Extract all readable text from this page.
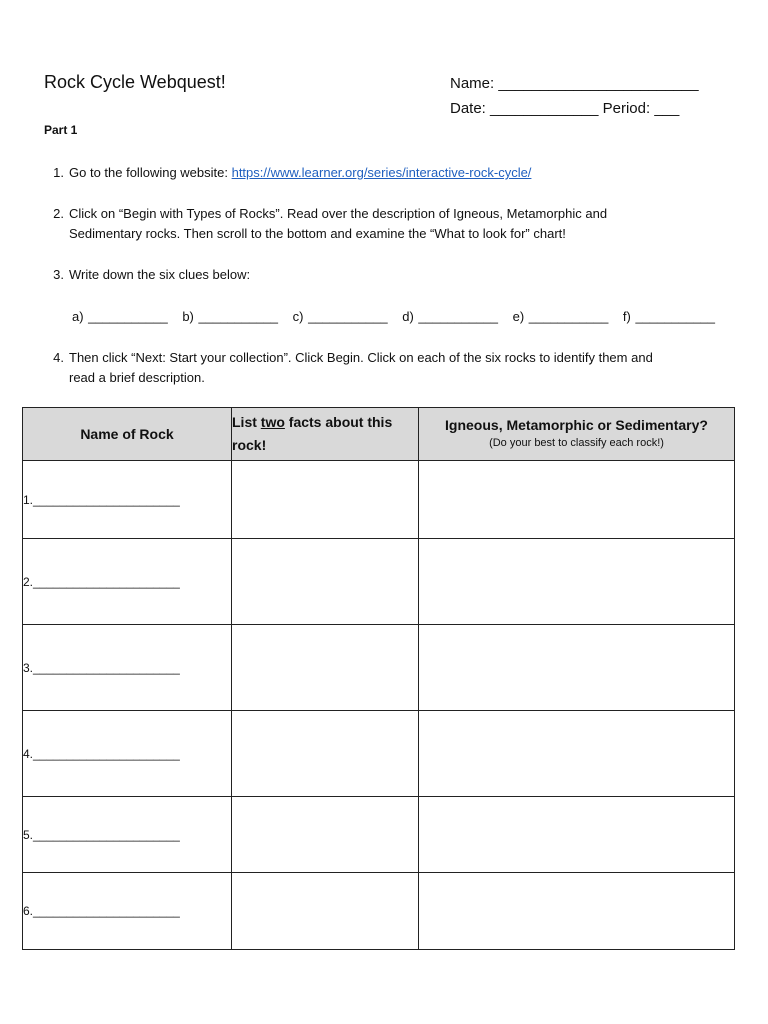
Rock Cycle Webquest!	Name: ________________________
Date: _____________ Period: ___
Part 1
1. Go to the following website: https://www.learner.org/series/interactive-rock-cycle/
2. Click on “Begin with Types of Rocks”. Read over the description of Igneous, Metamorphic and
Sedimentary rocks. Then scroll to the bottom and examine the “What to look for” chart!
3. Write down the six clues below:
a) ___________ b) ___________ c) ___________ d) ___________ e) ___________ f) ___________
4. Then click “Next: Start your collection”. Click Begin. Click on each of the six rocks to identify them and
read a brief description.
Name of Rock	List two facts about this rock!	Igneous, Metamorphic or Sedimentary?
(Do your best to classify each rock!)

1.______________________		
2.______________________		
3.______________________		
4.______________________		
5.______________________		
6.______________________		
